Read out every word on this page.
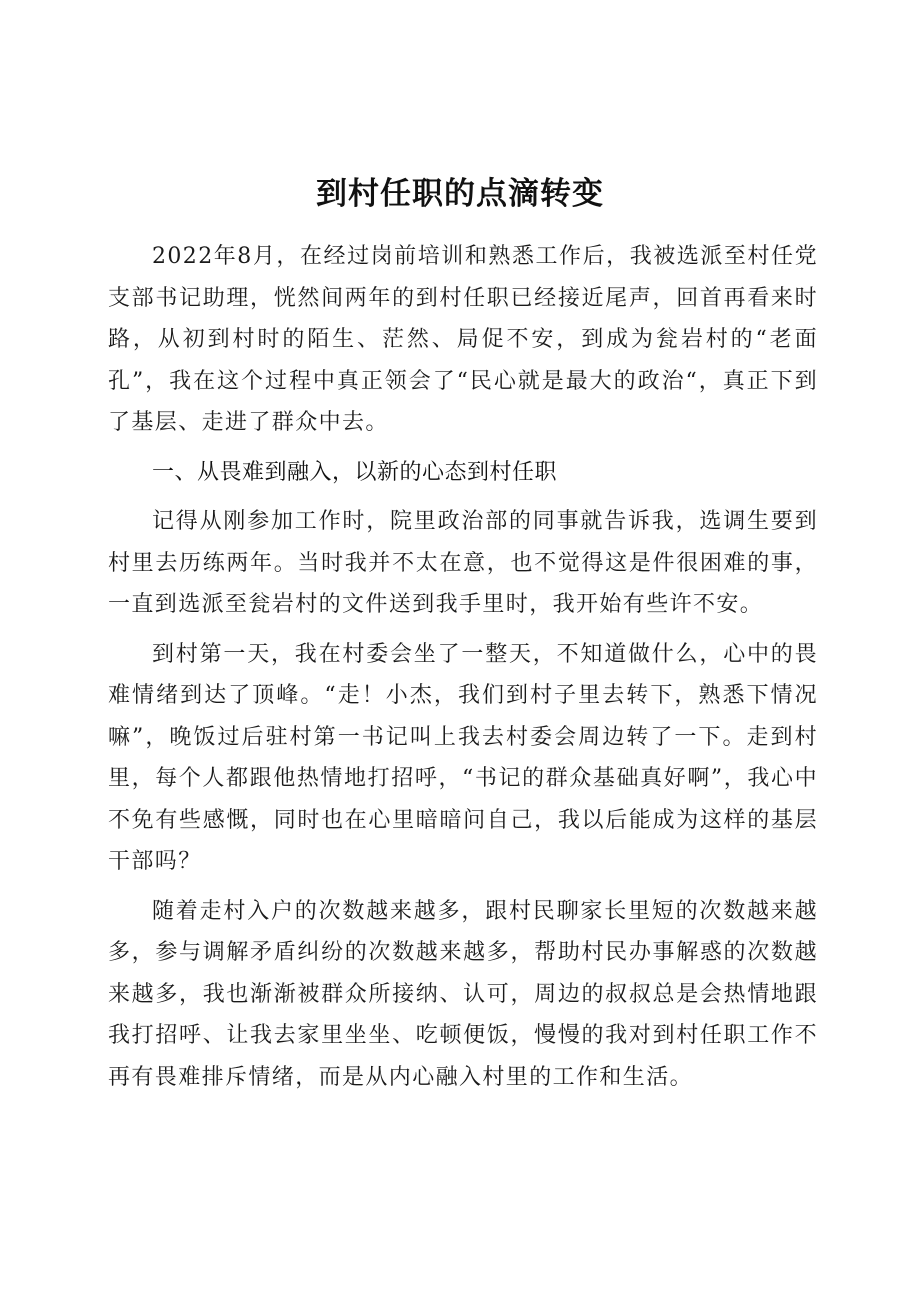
到村任职的点滴转变

2022年8月，在经过岗前培训和熟悉工作后，我被选派至村任党支部书记助理，恍然间两年的到村任职已经接近尾声，回首再看来时路，从初到村时的陌生、茫然、局促不安，到成为瓮岩村的“老面孔”，我在这个过程中真正领会了“民心就是最大的政治“，真正下到了基层、走进了群众中去。

一、从畏难到融入，以新的心态到村任职

记得从刚参加工作时，院里政治部的同事就告诉我，选调生要到村里去历练两年。当时我并不太在意，也不觉得这是件很困难的事，一直到选派至瓮岩村的文件送到我手里时，我开始有些许不安。

到村第一天，我在村委会坐了一整天，不知道做什么，心中的畏难情绪到达了顶峰。“走！小杰，我们到村子里去转下，熟悉下情况嘛”，晚饭过后驻村第一书记叫上我去村委会周边转了一下。走到村里，每个人都跟他热情地打招呼，“书记的群众基础真好啊”，我心中不免有些感慨，同时也在心里暗暗问自己，我以后能成为这样的基层干部吗？

随着走村入户的次数越来越多，跟村民聊家长里短的次数越来越多，参与调解矛盾纠纷的次数越来越多，帮助村民办事解惑的次数越来越多，我也渐渐被群众所接纳、认可，周边的叔叔总是会热情地跟我打招呼、让我去家里坐坐、吃顿便饭，慢慢的我对到村任职工作不再有畏难排斥情绪，而是从内心融入村里的工作和生活。
